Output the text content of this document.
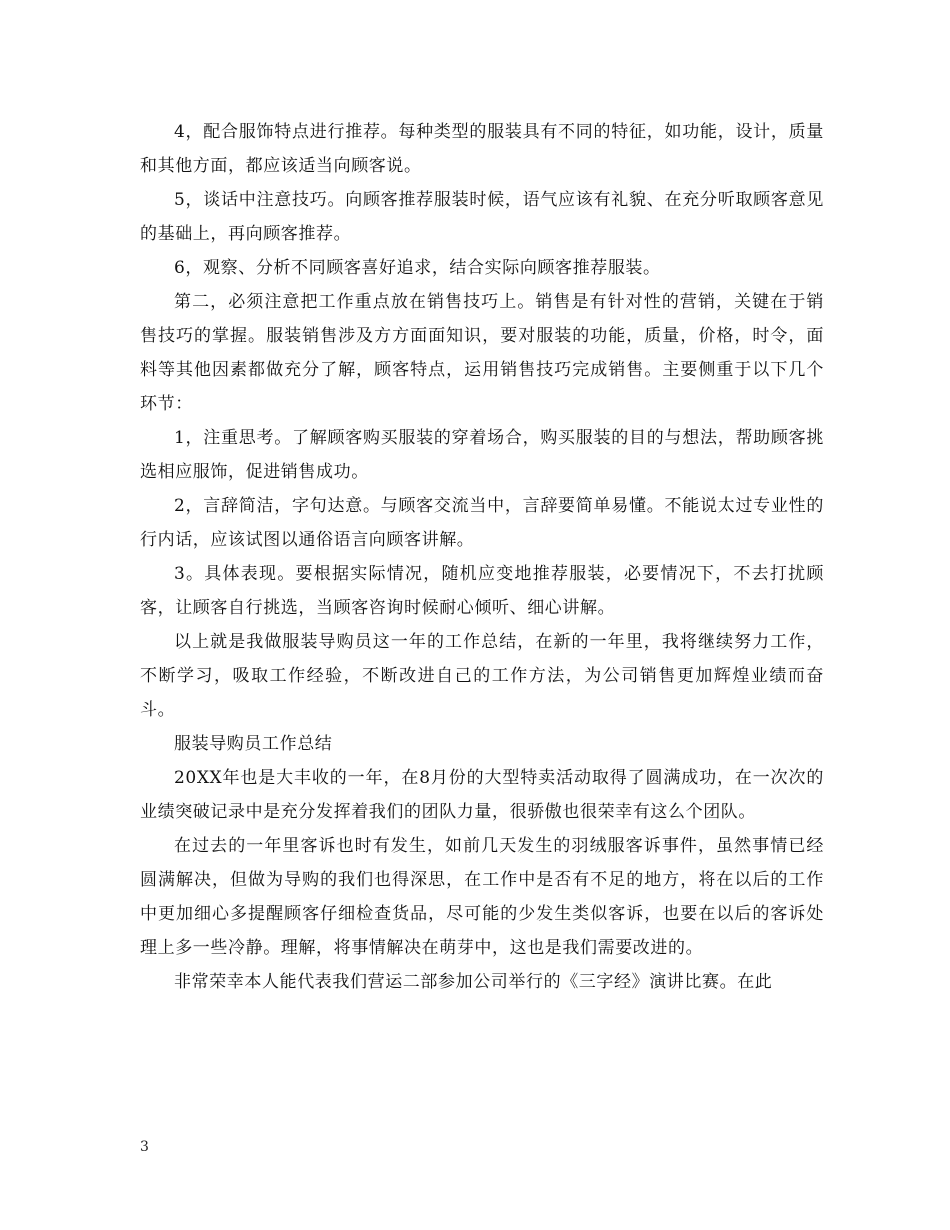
4，配合服饰特点进行推荐。每种类型的服装具有不同的特征，如功能，设计，质量和其他方面，都应该适当向顾客说。

5，谈话中注意技巧。向顾客推荐服装时候，语气应该有礼貌、在充分听取顾客意见的基础上，再向顾客推荐。

6，观察、分析不同顾客喜好追求，结合实际向顾客推荐服装。

第二，必须注意把工作重点放在销售技巧上。销售是有针对性的营销，关键在于销售技巧的掌握。服装销售涉及方方面面知识，要对服装的功能，质量，价格，时令，面料等其他因素都做充分了解，顾客特点，运用销售技巧完成销售。主要侧重于以下几个环节：

1，注重思考。了解顾客购买服装的穿着场合，购买服装的目的与想法，帮助顾客挑选相应服饰，促进销售成功。

2，言辞简洁，字句达意。与顾客交流当中，言辞要简单易懂。不能说太过专业性的行内话，应该试图以通俗语言向顾客讲解。

3。具体表现。要根据实际情况，随机应变地推荐服装，必要情况下，不去打扰顾客，让顾客自行挑选，当顾客咨询时候耐心倾听、细心讲解。

以上就是我做服装导购员这一年的工作总结，在新的一年里，我将继续努力工作，不断学习，吸取工作经验，不断改进自己的工作方法，为公司销售更加辉煌业绩而奋斗。

服装导购员工作总结

20XX年也是大丰收的一年，在8月份的大型特卖活动取得了圆满成功，在一次次的业绩突破记录中是充分发挥着我们的团队力量，很骄傲也很荣幸有这么个团队。

在过去的一年里客诉也时有发生，如前几天发生的羽绒服客诉事件，虽然事情已经圆满解决，但做为导购的我们也得深思，在工作中是否有不足的地方，将在以后的工作中更加细心多提醒顾客仔细检查货品，尽可能的少发生类似客诉，也要在以后的客诉处理上多一些冷静。理解，将事情解决在萌芽中，这也是我们需要改进的。

非常荣幸本人能代表我们营运二部参加公司举行的《三字经》演讲比赛。在此

3
